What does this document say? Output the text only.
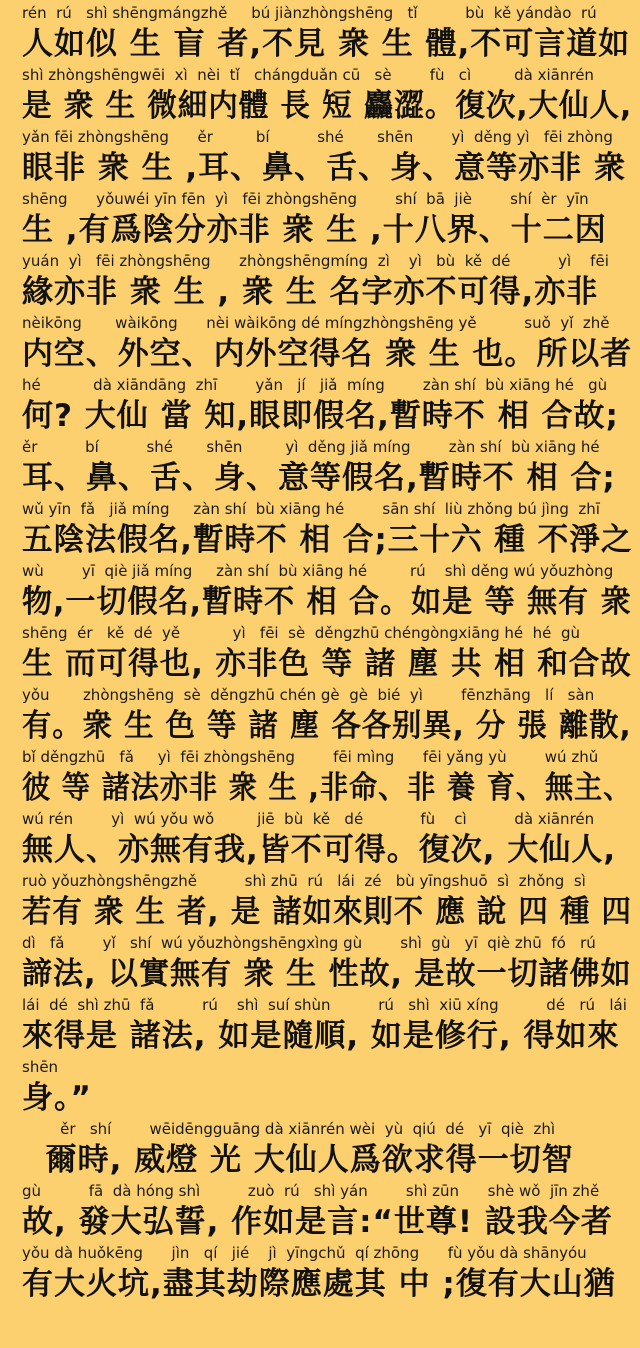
rén  rú   shì shēngmángzhě     bú jiànzhòngshēng   tǐ          bù  kě yándào  rú
人如似 生 盲 者,不見 衆 生 體,不可言道如
shì zhòngshēngwēi  xì  nèi  tǐ   chángduǎn cū   sè        fù   cì         dà xiānrén
是 衆 生 微細内體 長 短 麤澀。復次,大仙人,
yǎn fēi zhòngshēng      ěr         bí          shé       shēn        yì  děng yì   fēi zhòng
眼非 衆 生 ,耳、鼻、舌、身、意等亦非 衆
shēng      yǒuwéi yīn fēn  yì   fēi zhòngshēng        shí  bā  jiè        shí  èr  yīn
生 ,有爲陰分亦非 衆 生 ,十八界、十二因
yuán  yì   fēi zhòngshēng      zhòngshēngmíng  zì    yì   bù  kě  dé          yì    fēi
緣亦非 衆 生 , 衆 生 名字亦不可得,亦非
nèikōng       wàikōng      nèi wàikōng dé míngzhòngshēng yě          suǒ  yǐ  zhě
内空、外空、内外空得名 衆 生 也。所以者
hé           dà xiāndāng  zhī        yǎn   jí   jiǎ  míng        zàn shí  bù xiāng hé   gù
何? 大仙 當 知,眼即假名,暫時不 相 合故;
ěr          bí          shé       shēn         yì  děng jiǎ míng        zàn shí  bù xiāng hé
耳、鼻、舌、身、意等假名,暫時不 相 合;
wǔ yīn  fǎ   jiǎ míng     zàn shí  bù xiāng hé        sān shí  liù zhǒng bú jìng  zhī
五陰法假名,暫時不 相 合;三十六 種 不淨之
wù        yī  qiè jiǎ míng     zàn shí  bù xiāng hé         rú    shì děng wú yǒuzhòng
物,一切假名,暫時不 相 合。如是 等 無有 衆
shēng  ér   kě  dé  yě           yì   fēi  sè  děngzhū chéngòngxiāng hé  hé  gù
生 而可得也, 亦非色 等 諸 塵 共 相 和合故
yǒu       zhòngshēng  sè  děngzhū chén gè  gè  bié  yì        fēnzhāng   lí   sàn
有。衆 生 色 等 諸 塵 各各别異, 分 張 離散,
bǐ děngzhū   fǎ     yì  fēi zhòngshēng        fēi mìng      fēi yǎng yù        wú zhǔ
彼 等 諸法亦非 衆 生 ,非命、非 養 育、無主、
wú rén        yì  wú yǒu wǒ         jiē  bù  kě   dé            fù    cì          dà xiānrén
無人、亦無有我,皆不可得。復次, 大仙人,
ruò yǒuzhòngshēngzhě          shì zhū  rú   lái  zé   bù yīngshuō  sì  zhǒng  sì
若有 衆 生 者, 是 諸如來則不 應 說 四 種 四
dì   fǎ        yǐ   shí  wú yǒuzhòngshēngxìng gù        shì  gù   yī  qiè zhū  fó   rú
諦法, 以實無有 衆 生 性故, 是故一切諸佛如
lái  dé  shì zhū  fǎ          rú    shì  suí shùn          rú   shì  xiū xíng          dé   rú   lái
來得是 諸法, 如是隨順, 如是修行, 得如來
shēn
身。”
ěr   shí        wēidēngguāng dà xiānrén wèi  yù  qiú  dé   yī  qiè  zhì
爾時, 威燈 光 大仙人爲欲求得一切智
gù          fā  dà hóng shì          zuò  rú   shì yán        shì zūn      shè wǒ  jīn zhě
故, 發大弘誓, 作如是言:“世尊! 設我今者
yǒu dà huǒkēng      jìn   qí   jié    jì  yīngchǔ  qí zhōng      fù yǒu dà shānyóu
有大火坑,盡其劫際應處其 中 ;復有大山猶
